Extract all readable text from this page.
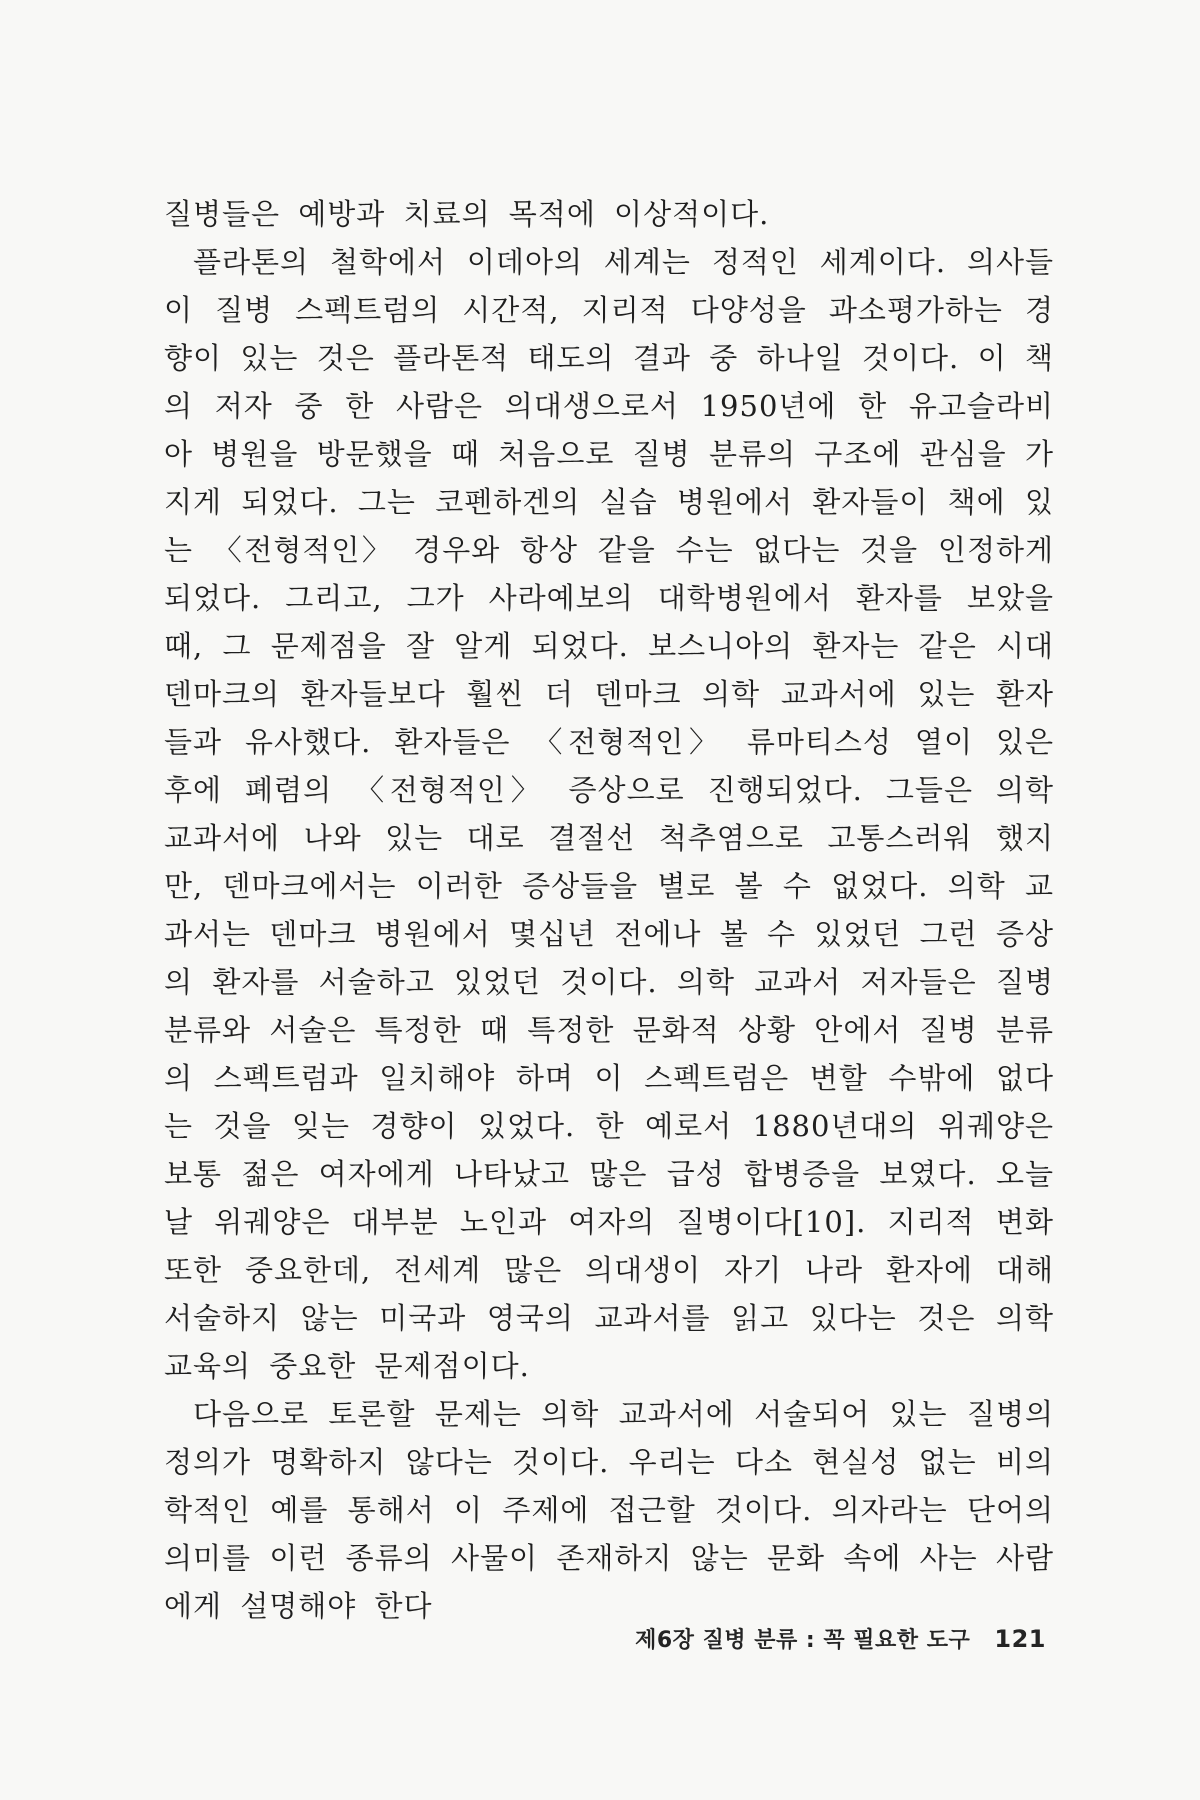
질병들은 예방과 치료의 목적에 이상적이다.

플라톤의 철학에서 이데아의 세계는 정적인 세계이다. 의사들이 질병 스펙트럼의 시간적, 지리적 다양성을 과소평가하는 경향이 있는 것은 플라톤적 태도의 결과 중 하나일 것이다. 이 책의 저자 중 한 사람은 의대생으로서 1950년에 한 유고슬라비아 병원을 방문했을 때 처음으로 질병 분류의 구조에 관심을 가지게 되었다. 그는 코펜하겐의 실습 병원에서 환자들이 책에 있는 〈전형적인〉 경우와 항상 같을 수는 없다는 것을 인정하게 되었다. 그리고, 그가 사라예보의 대학병원에서 환자를 보았을 때, 그 문제점을 잘 알게 되었다. 보스니아의 환자는 같은 시대 덴마크의 환자들보다 훨씬 더 덴마크 의학 교과서에 있는 환자들과 유사했다. 환자들은 〈전형적인〉 류마티스성 열이 있은 후에 폐렴의 〈전형적인〉 증상으로 진행되었다. 그들은 의학 교과서에 나와 있는 대로 결절선 척추염으로 고통스러워 했지만, 덴마크에서는 이러한 증상들을 별로 볼 수 없었다. 의학 교과서는 덴마크 병원에서 몇십년 전에나 볼 수 있었던 그런 증상의 환자를 서술하고 있었던 것이다. 의학 교과서 저자들은 질병 분류와 서술은 특정한 때 특정한 문화적 상황 안에서 질병 분류의 스펙트럼과 일치해야 하며 이 스펙트럼은 변할 수밖에 없다는 것을 잊는 경향이 있었다. 한 예로서 1880년대의 위궤양은 보통 젊은 여자에게 나타났고 많은 급성 합병증을 보였다. 오늘날 위궤양은 대부분 노인과 여자의 질병이다[10]. 지리적 변화 또한 중요한데, 전세계 많은 의대생이 자기 나라 환자에 대해 서술하지 않는 미국과 영국의 교과서를 읽고 있다는 것은 의학교육의 중요한 문제점이다.

다음으로 토론할 문제는 의학 교과서에 서술되어 있는 질병의 정의가 명확하지 않다는 것이다. 우리는 다소 현실성 없는 비의학적인 예를 통해서 이 주제에 접근할 것이다. 의자라는 단어의 의미를 이런 종류의 사물이 존재하지 않는 문화 속에 사는 사람에게 설명해야 한다

제6장 질병 분류 : 꼭 필요한 도구 121
